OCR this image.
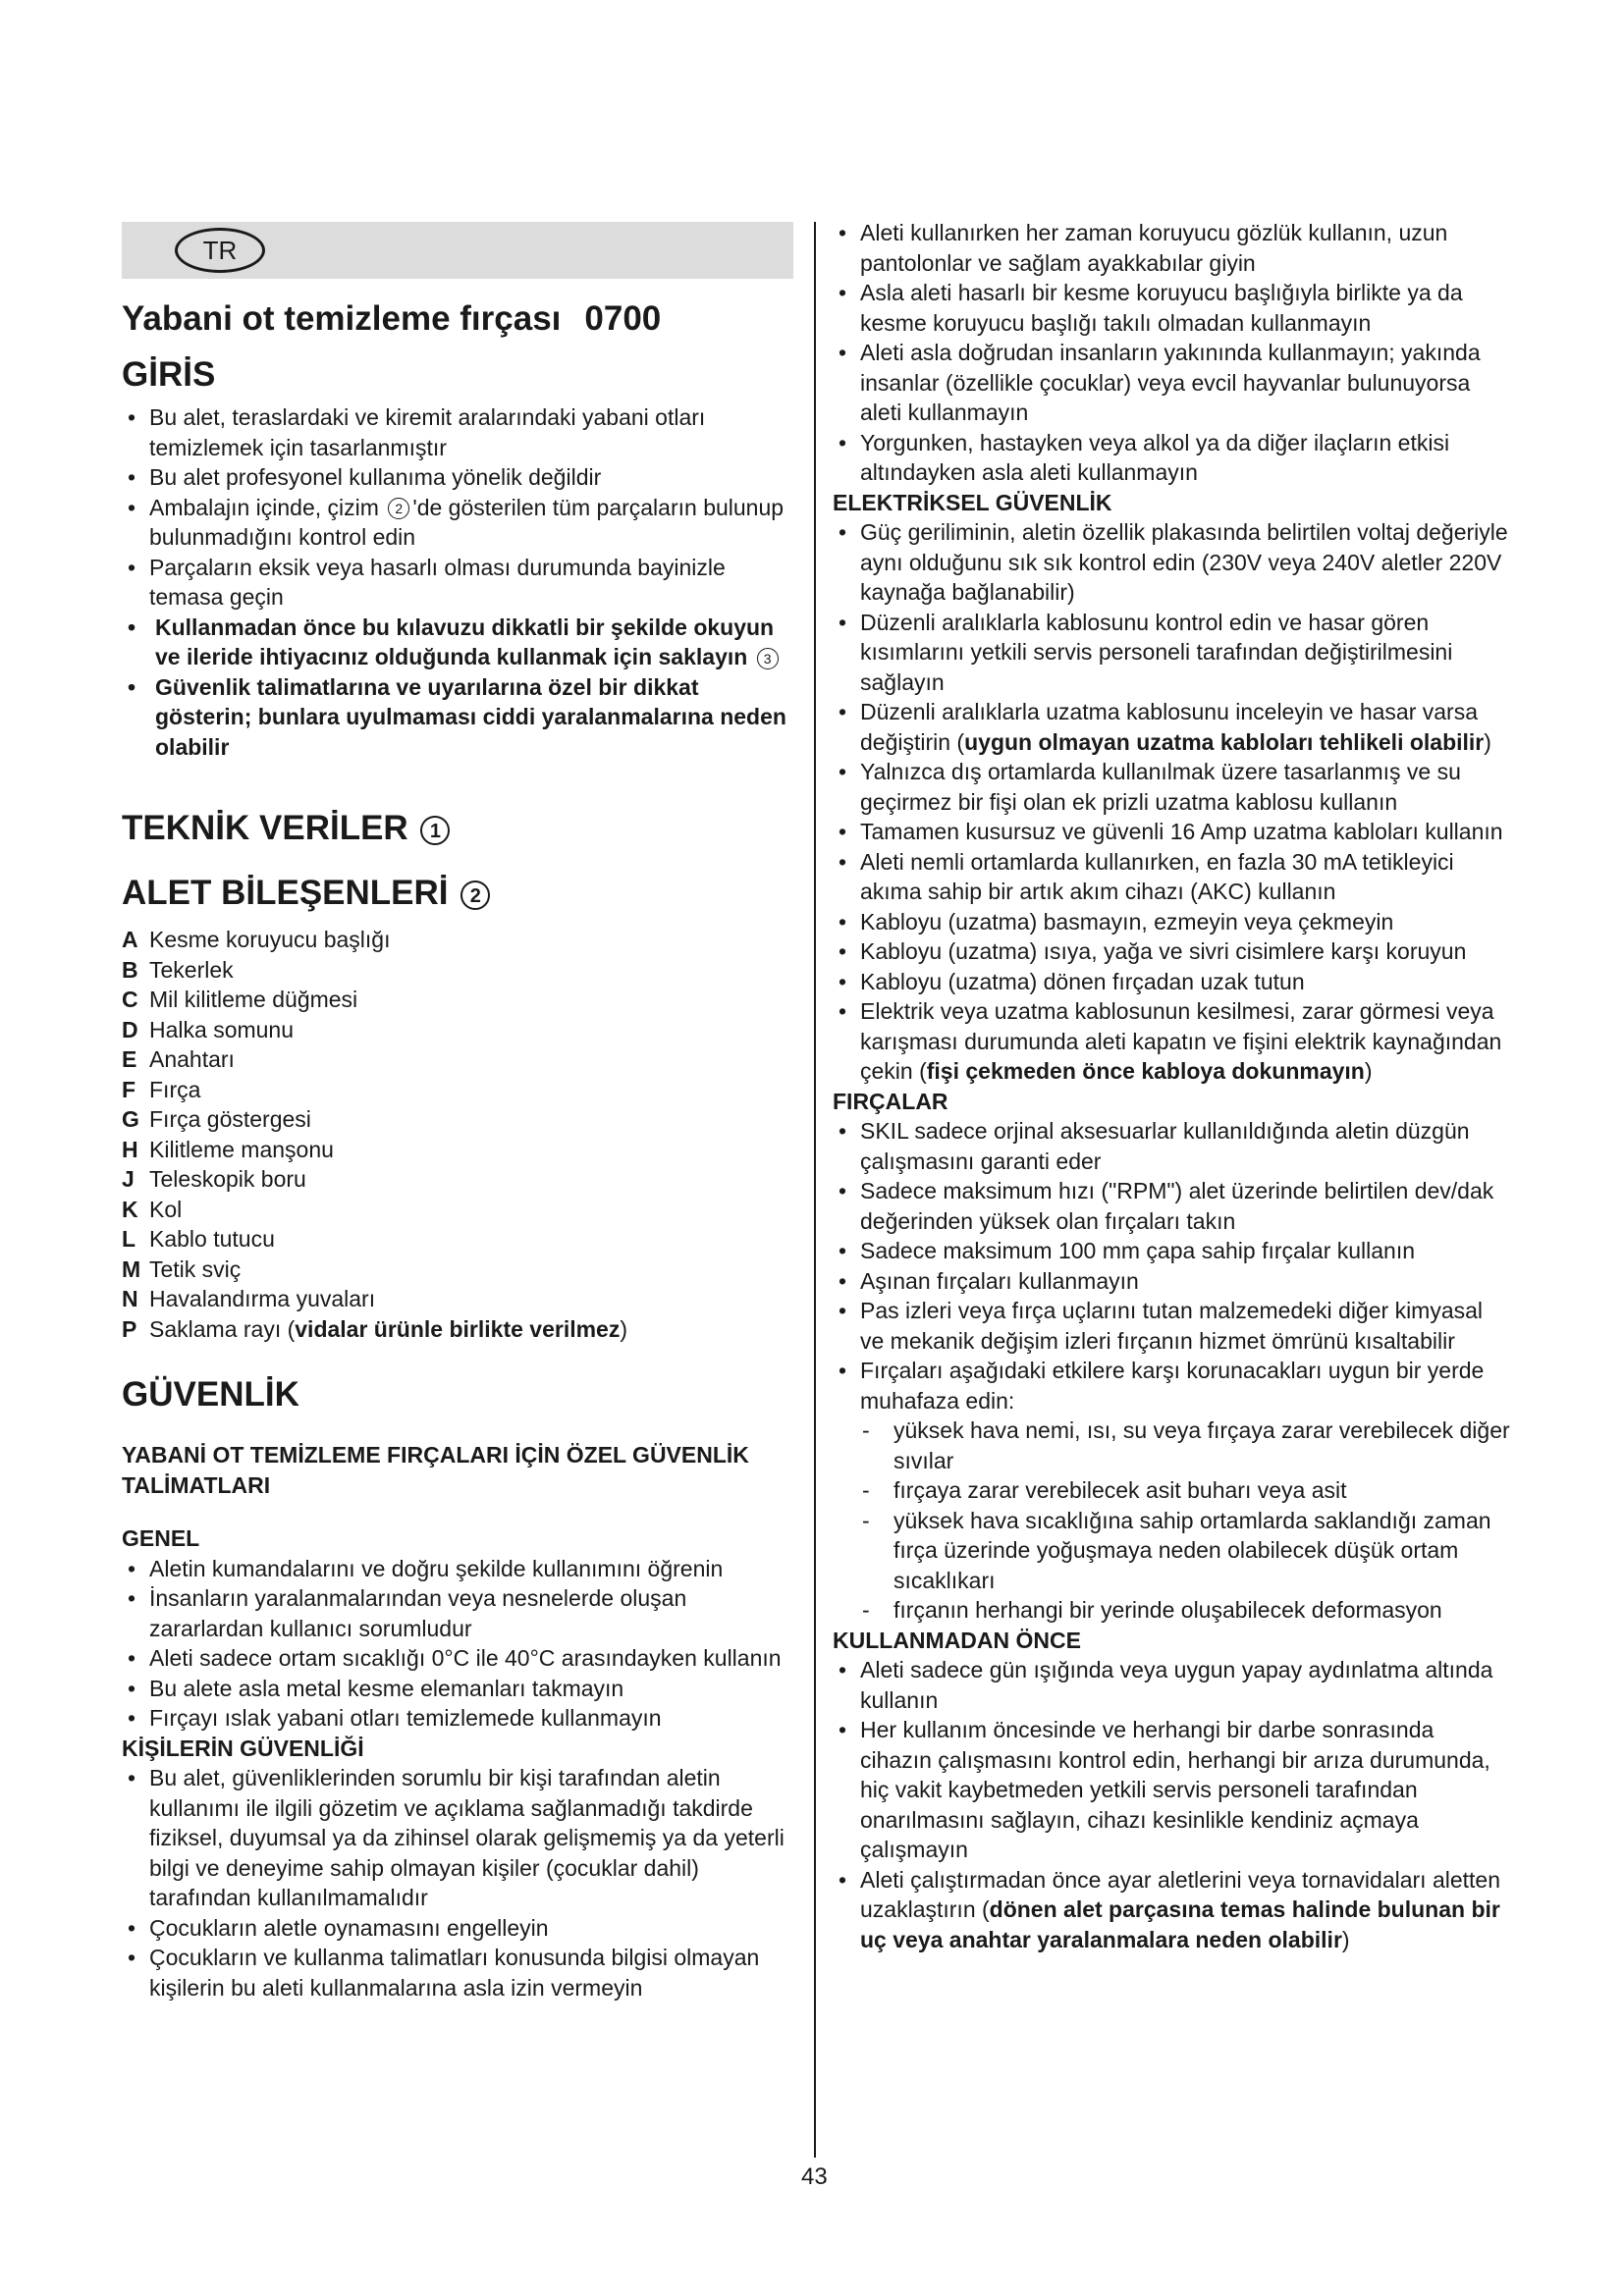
TR
43
Yabani ot temizleme fırçası 0700
GİRİS
• Bu alet, teraslardaki ve kiremit aralarındaki yabani otları temizlemek için tasarlanmıştır
• Bu alet profesyonel kullanıma yönelik değildir
• Ambalajın içinde, çizim 2 'de gösterilen tüm parçaların bulunup bulunmadığını kontrol edin
• Parçaların eksik veya hasarlı olması durumunda bayinizle temasa geçin
• Kullanmadan önce bu kılavuzu dikkatli bir şekilde okuyun ve ileride ihtiyacınız olduğunda kullanmak için saklayın 3
• Güvenlik talimatlarına ve uyarılarına özel bir dikkat gösterin; bunlara uyulmaması ciddi yaralanmalarına neden olabilir
TEKNİK VERİLER 1
ALET BİLEŞENLERİ 2
A Kesme koruyucu başlığı
B Tekerlek
C Mil kilitleme düğmesi
D Halka somunu
E Anahtarı
F Fırça
G Fırça göstergesi
H Kilitleme manşonu
J Teleskopik boru
K Kol
L Kablo tutucu
M Tetik sviç
N Havalandırma yuvaları
P Saklama rayı (vidalar ürünle birlikte verilmez)
GÜVENLİK
YABANİ OT TEMİZLEME FIRÇALARI İÇİN ÖZEL GÜVENLİK TALİMATLARI
GENEL
• Aletin kumandalarını ve doğru şekilde kullanımını öğrenin
• İnsanların yaralanmalarından veya nesnelerde oluşan zararlardan kullanıcı sorumludur
• Aleti sadece ortam sıcaklığı 0°C ile 40°C arasındayken kullanın
• Bu alete asla metal kesme elemanları takmayın
• Fırçayı ıslak yabani otları temizlemede kullanmayın
KİŞİLERİN GÜVENLİĞİ
• Bu alet, güvenliklerinden sorumlu bir kişi tarafından aletin kullanımı ile ilgili gözetim ve açıklama sağlanmadığı takdirde fiziksel, duyumsal ya da zihinsel olarak gelişmemiş ya da yeterli bilgi ve deneyime sahip olmayan kişiler (çocuklar dahil) tarafından kullanılmamalıdır
• Çocukların aletle oynamasını engelleyin
• Çocukların ve kullanma talimatları konusunda bilgisi olmayan kişilerin bu aleti kullanmalarına asla izin vermeyin
• Aleti kullanırken her zaman koruyucu gözlük kullanın, uzun pantolonlar ve sağlam ayakkabılar giyin
• Asla aleti hasarlı bir kesme koruyucu başlığıyla birlikte ya da kesme koruyucu başlığı takılı olmadan kullanmayın
• Aleti asla doğrudan insanların yakınında kullanmayın; yakında insanlar (özellikle çocuklar) veya evcil hayvanlar bulunuyorsa aleti kullanmayın
• Yorgunken, hastayken veya alkol ya da diğer ilaçların etkisi altındayken asla aleti kullanmayın
ELEKTRİKSEL GÜVENLİK
• Güç geriliminin, aletin özellik plakasında belirtilen voltaj değeriyle aynı olduğunu sık sık kontrol edin (230V veya 240V aletler 220V kaynağa bağlanabilir)
• Düzenli aralıklarla kablosunu kontrol edin ve hasar gören kısımlarını yetkili servis personeli tarafından değiştirilmesini sağlayın
• Düzenli aralıklarla uzatma kablosunu inceleyin ve hasar varsa değiştirin (uygun olmayan uzatma kabloları tehlikeli olabilir)
• Yalnızca dış ortamlarda kullanılmak üzere tasarlanmış ve su geçirmez bir fişi olan ek prizli uzatma kablosu kullanın
• Tamamen kusursuz ve güvenli 16 Amp uzatma kabloları kullanın
• Aleti nemli ortamlarda kullanırken, en fazla 30 mA tetikleyici akıma sahip bir artık akım cihazı (AKC) kullanın
• Kabloyu (uzatma) basmayın, ezmeyin veya çekmeyin
• Kabloyu (uzatma) ısıya, yağa ve sivri cisimlere karşı koruyun
• Kabloyu (uzatma) dönen fırçadan uzak tutun
• Elektrik veya uzatma kablosunun kesilmesi, zarar görmesi veya karışması durumunda aleti kapatın ve fişini elektrik kaynağından çekin (fişi çekmeden önce kabloya dokunmayın)
FIRÇALAR
• SKIL sadece orjinal aksesuarlar kullanıldığında aletin düzgün çalışmasını garanti eder
• Sadece maksimum hızı ("RPM") alet üzerinde belirtilen dev/dak değerinden yüksek olan fırçaları takın
• Sadece maksimum 100 mm çapa sahip fırçalar kullanın
• Aşınan fırçaları kullanmayın
• Pas izleri veya fırça uçlarını tutan malzemedeki diğer kimyasal ve mekanik değişim izleri fırçanın hizmet ömrünü kısaltabilir
• Fırçaları aşağıdaki etkilere karşı korunacakları uygun bir yerde muhafaza edin:
- yüksek hava nemi, ısı, su veya fırçaya zarar verebilecek diğer sıvılar
- fırçaya zarar verebilecek asit buharı veya asit
- yüksek hava sıcaklığına sahip ortamlarda saklandığı zaman fırça üzerinde yoğuşmaya neden olabilecek düşük ortam sıcaklıkarı
- fırçanın herhangi bir yerinde oluşabilecek deformasyon
KULLANMADAN ÖNCE
• Aleti sadece gün ışığında veya uygun yapay aydınlatma altında kullanın
• Her kullanım öncesinde ve herhangi bir darbe sonrasında cihazın çalışmasını kontrol edin, herhangi bir arıza durumunda, hiç vakit kaybetmeden yetkili servis personeli tarafından onarılmasını sağlayın, cihazı kesinlikle kendiniz açmaya çalışmayın
• Aleti çalıştırmadan önce ayar aletlerini veya tornavidaları aletten uzaklaştırın (dönen alet parçasına temas halinde bulunan bir uç veya anahtar yaralanmalara neden olabilir)
